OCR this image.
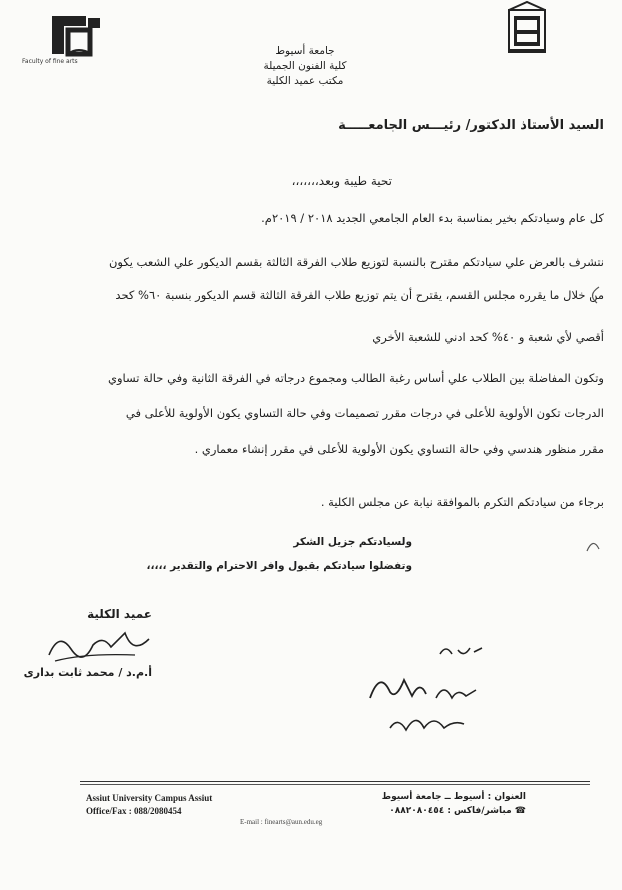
Faculty of fine arts
جامعة أسيوط
كلية الفنون الجميلة
مكتب عميد الكلية
السيد الأستاذ الدكتور/ رئيـــس الجامعـــــة
تحية طيبة وبعد،،،،،،،
كل عام وسيادتكم بخير بمناسبة بدء العام الجامعي الجديد ٢٠١٨ / ٢٠١٩م.
نتشرف بالعرض علي سيادتكم مقترح بالنسبة لتوزيع طلاب الفرقة الثالثة بقسم الديكور علي الشعب يكون
من خلال ما يقرره مجلس القسم، يقترح أن يتم توزيع طلاب الفرقة الثالثة قسم الديكور بنسبة ٦٠% كحد
أقصي لأي شعبة و ٤٠% كحد ادني للشعبة الأخري
وتكون المفاضلة بين الطلاب علي أساس رغبة الطالب ومجموع درجاته في الفرقة الثانية وفي حالة تساوي
الدرجات تكون الأولوية للأعلى في درجات مقرر تصميمات وفي حالة التساوي يكون الأولوية للأعلى في
مقرر منظور هندسي وفي حالة التساوي يكون الأولوية للأعلى في مقرر إنشاء معماري .
برجاء من سيادتكم التكرم بالموافقة نيابة عن مجلس الكلية .
ولسيادتكم جزيل الشكر
وتفضلوا سيادتكم بقبول وافر الاحترام والتقدير ،،،،،
عميد الكلية
أ.م.د / محمد ثابت بدارى
Assiut University Campus Assiut
Office/Fax : 088/2080454
العنوان : أسيوط ــ جامعة أسيوط
☎ مباشر/فاكس : ٠٨٨٢٠٨٠٤٥٤
E-mail : finearts@aun.edu.eg
